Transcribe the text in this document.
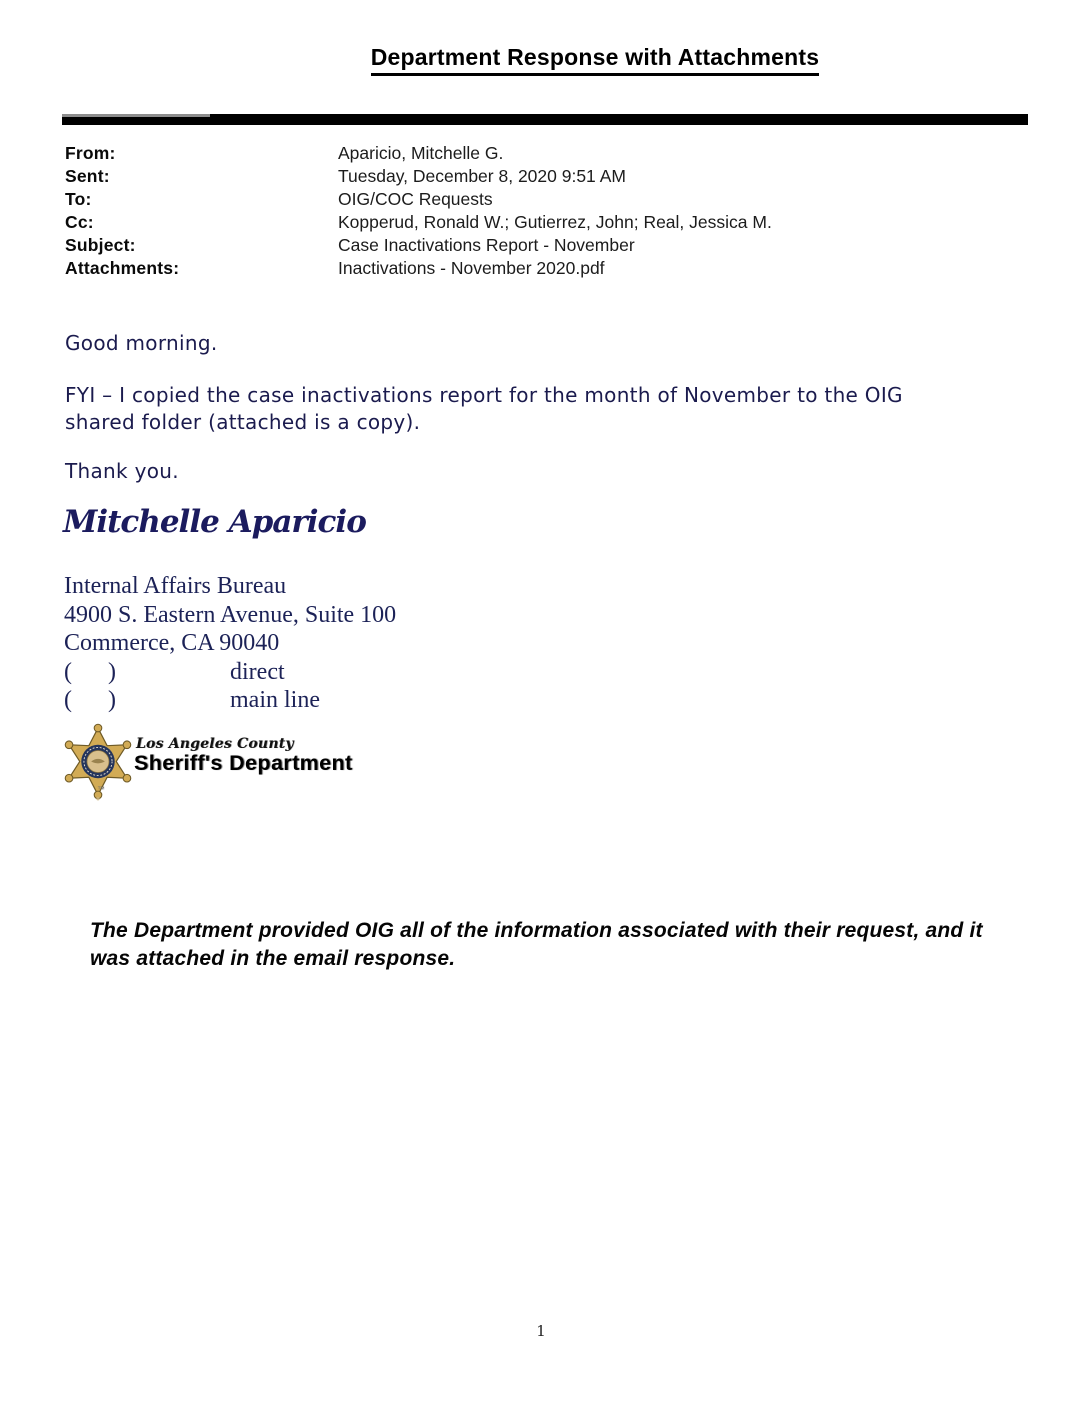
Department Response with Attachments
From:	Aparicio, Mitchelle G.
Sent:	Tuesday, December 8, 2020 9:51 AM
To:	OIG/COC Requests
Cc:	Kopperud, Ronald W.; Gutierrez, John; Real, Jessica M.
Subject:	Case Inactivations Report - November
Attachments:	Inactivations - November 2020.pdf
Good morning.
FYI – I copied the case inactivations report for the month of November to the OIG
shared folder (attached is a copy).
Thank you.
Mitchelle Aparicio
Internal Affairs Bureau
4900 S. Eastern Avenue, Suite 100
Commerce, CA 90040
(      )	direct
(      )	main line
™
Los Angeles County
Sheriff's Department
The Department provided OIG all of the information associated with their request, and it
was attached in the email response.
1
